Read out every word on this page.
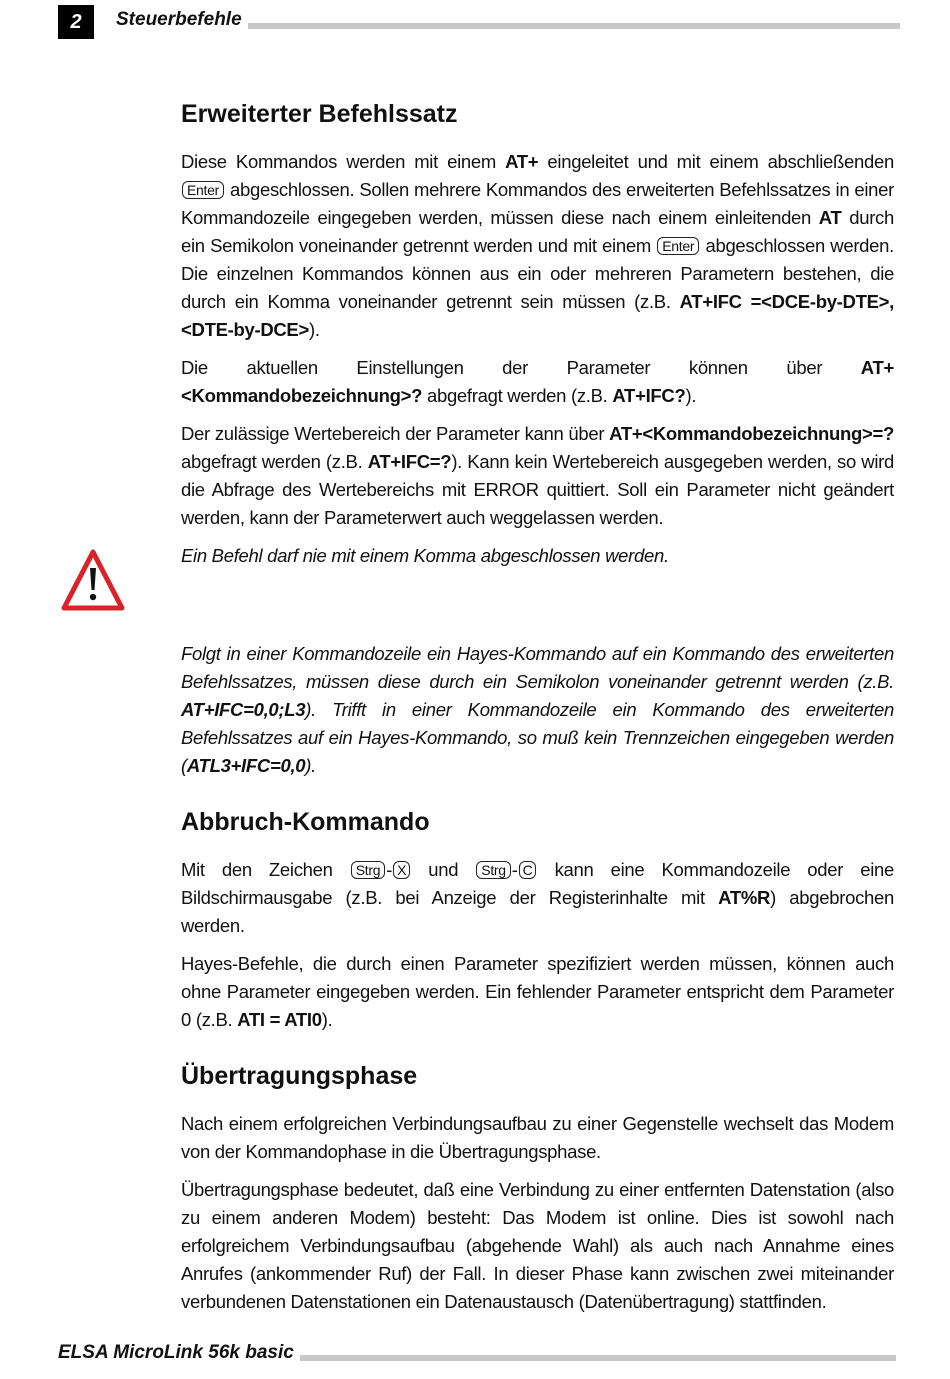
2	Steuerbefehle
Erweiterter Befehlssatz

Diese Kommandos werden mit einem AT+ eingeleitet und mit einem abschließenden Enter abgeschlossen. Sollen mehrere Kommandos des erweiterten Befehlssatzes in einer Kommandozeile eingegeben werden, müssen diese nach einem einleitenden AT durch ein Semikolon voneinander getrennt werden und mit einem Enter abgeschlossen werden. Die einzelnen Kommandos können aus ein oder mehreren Parametern bestehen, die durch ein Komma voneinander getrennt sein müssen (z.B. AT+IFC =<DCE-by-DTE>, <DTE-by-DCE>).

Die aktuellen Einstellungen der Parameter können über AT+<Kommandobezeichnung>? abgefragt werden (z.B. AT+IFC?).

Der zulässige Wertebereich der Parameter kann über AT+<Kommandobezeichnung>=? abgefragt werden (z.B. AT+IFC=?). Kann kein Wertebereich ausgegeben werden, so wird die Abfrage des Wertebereichs mit ERROR quittiert. Soll ein Parameter nicht geändert werden, kann der Parameterwert auch weggelassen werden.

Ein Befehl darf nie mit einem Komma abgeschlossen werden.

Folgt in einer Kommandozeile ein Hayes-Kommando auf ein Kommando des erweiterten Befehlssatzes, müssen diese durch ein Semikolon voneinander getrennt werden (z.B. AT+IFC=0,0;L3). Trifft in einer Kommandozeile ein Kommando des erweiterten Befehlssatzes auf ein Hayes-Kommando, so muß kein Trennzeichen eingegeben werden (ATL3+IFC=0,0).

Abbruch-Kommando

Mit den Zeichen Strg - X und Strg - C kann eine Kommandozeile oder eine Bildschirmausgabe (z.B. bei Anzeige der Registerinhalte mit AT%R) abgebrochen werden.

Hayes-Befehle, die durch einen Parameter spezifiziert werden müssen, können auch ohne Parameter eingegeben werden. Ein fehlender Parameter entspricht dem Parameter 0 (z.B. ATI = ATI0).

Übertragungsphase

Nach einem erfolgreichen Verbindungsaufbau zu einer Gegenstelle wechselt das Modem von der Kommandophase in die Übertragungsphase.

Übertragungsphase bedeutet, daß eine Verbindung zu einer entfernten Datenstation (also zu einem anderen Modem) besteht: Das Modem ist online. Dies ist sowohl nach erfolgreichem Verbindungsaufbau (abgehende Wahl) als auch nach Annahme eines Anrufes (ankommender Ruf) der Fall. In dieser Phase kann zwischen zwei miteinander verbundenen Datenstationen ein Datenaustausch (Datenübertragung) stattfinden.

ELSA MicroLink 56k basic
